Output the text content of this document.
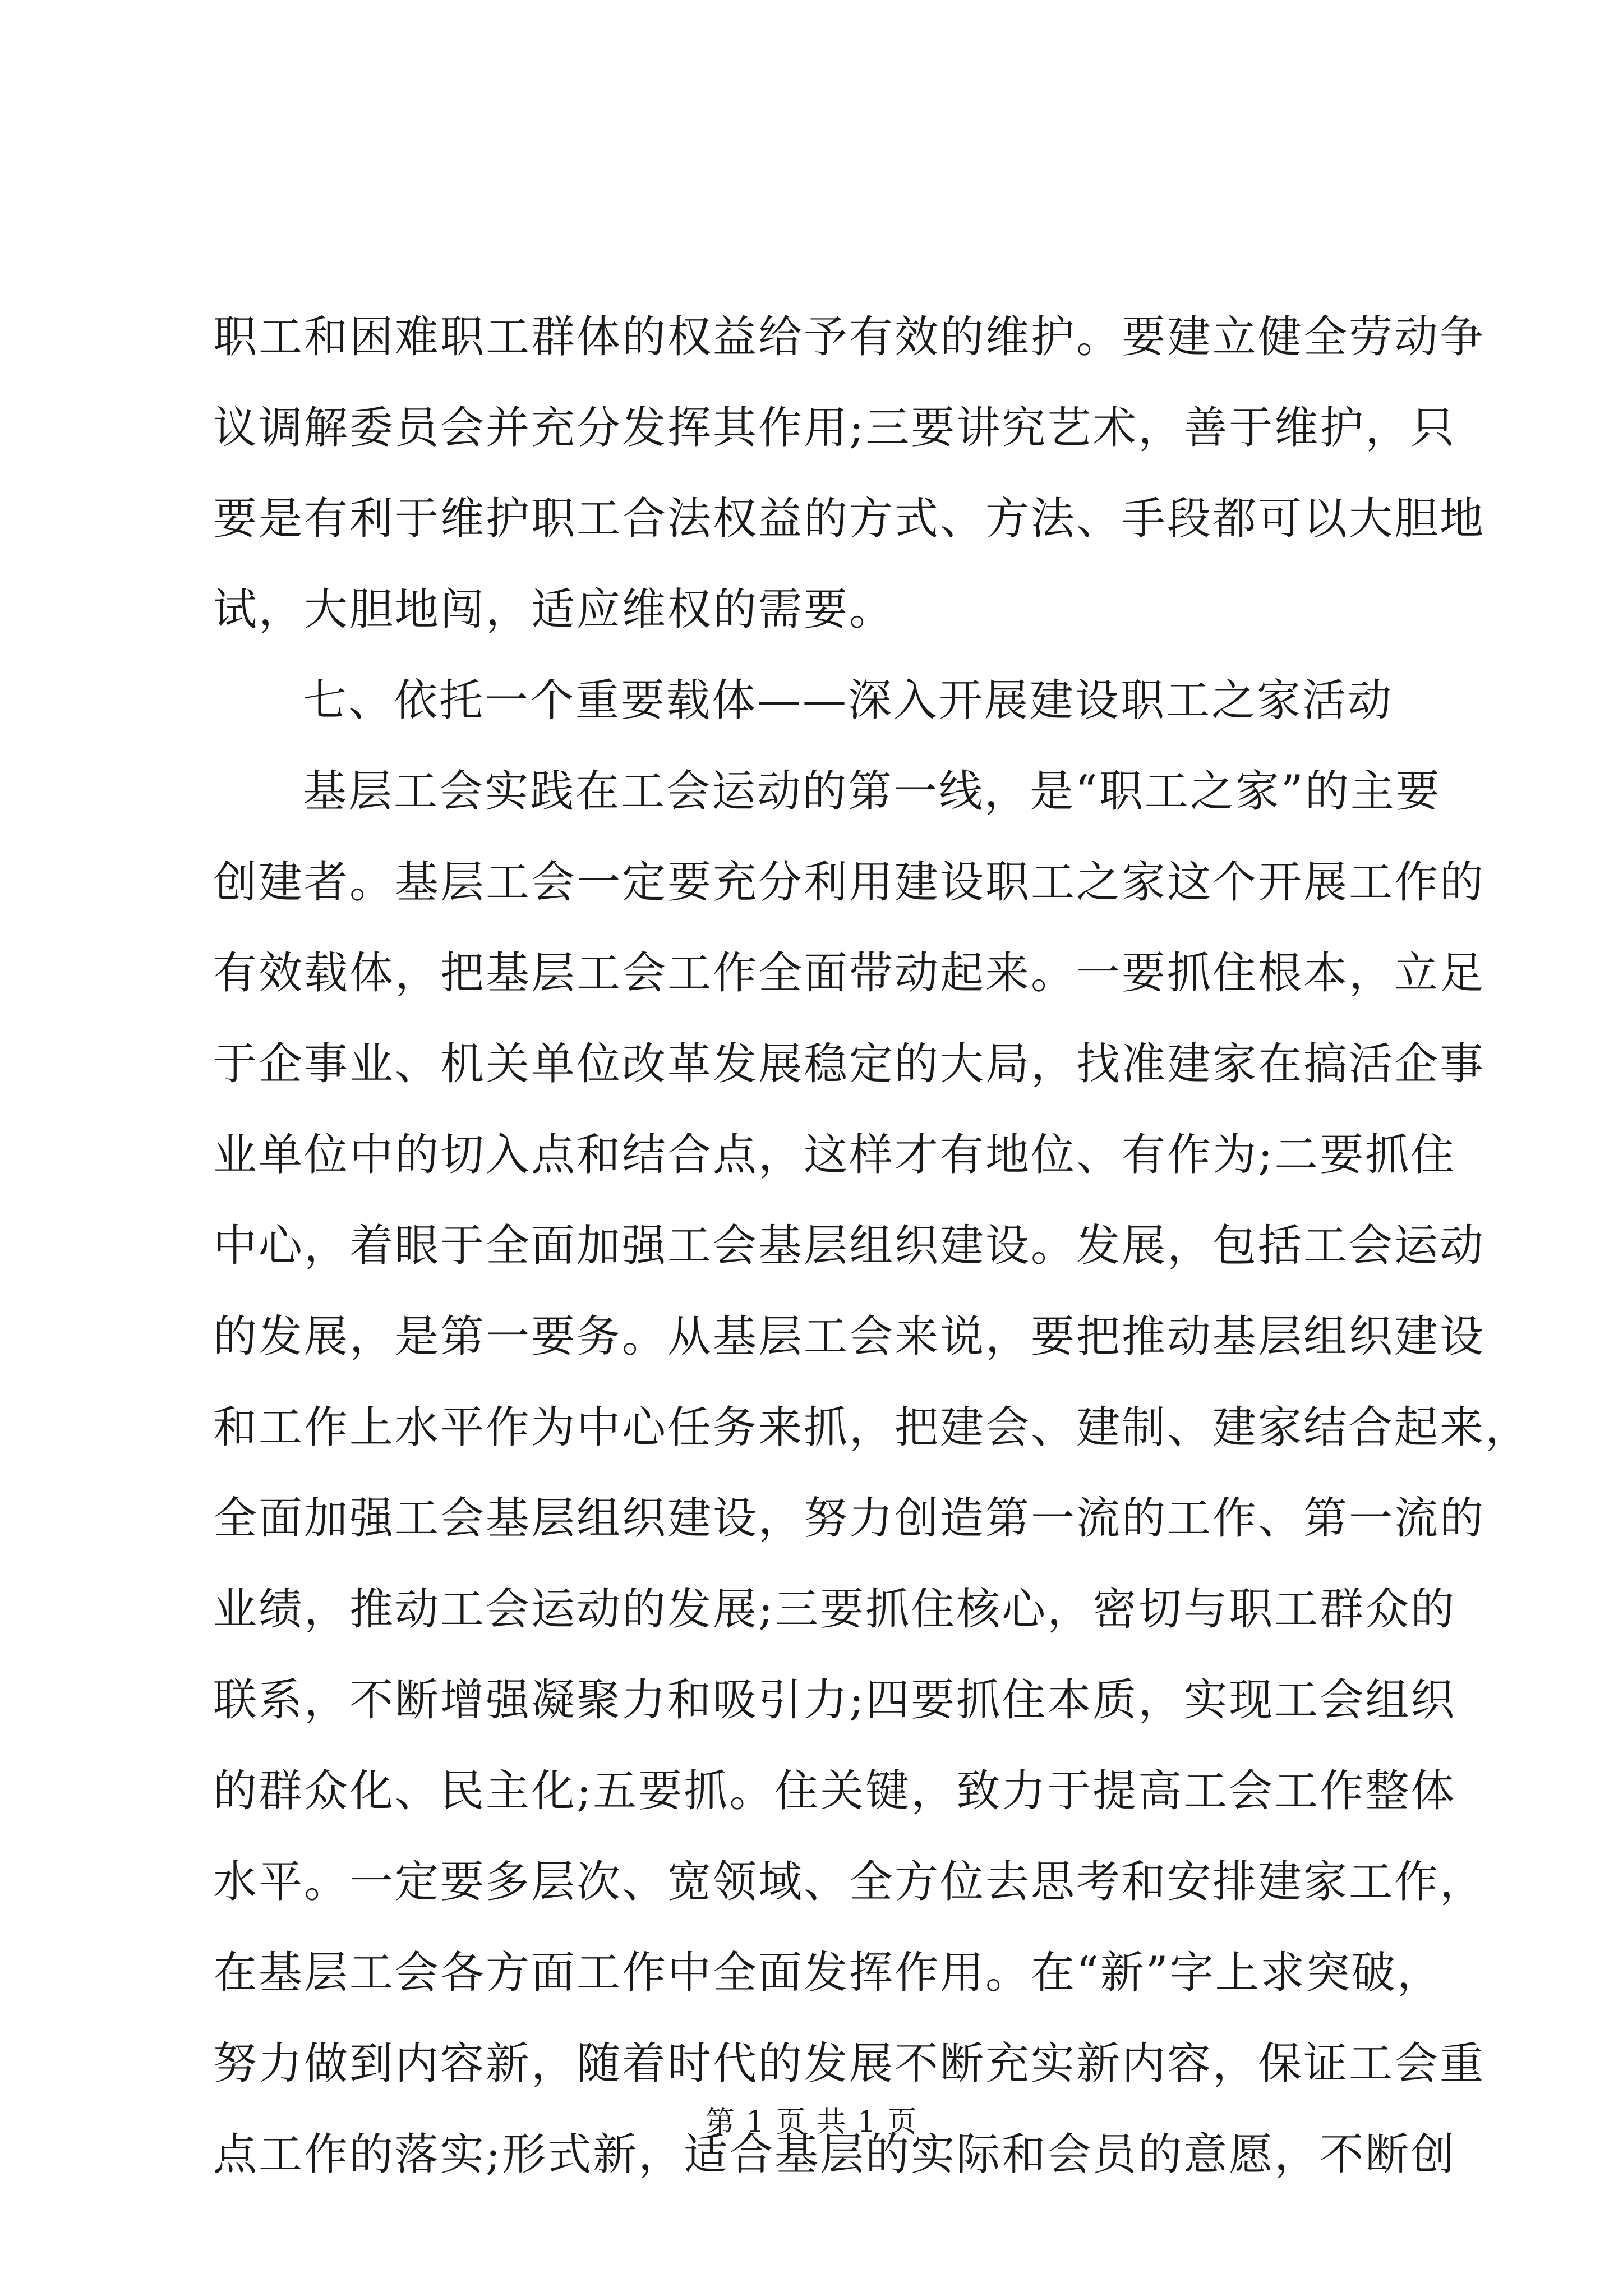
职工和困难职工群体的权益给予有效的维护。要建立健全劳动争
议调解委员会并充分发挥其作用;三要讲究艺术，善于维护，只
要是有利于维护职工合法权益的方式、方法、手段都可以大胆地
试，大胆地闯，适应维权的需要。
七、依托一个重要载体——深入开展建设职工之家活动
基层工会实践在工会运动的第一线，是“职工之家”的主要
创建者。基层工会一定要充分利用建设职工之家这个开展工作的
有效载体，把基层工会工作全面带动起来。一要抓住根本，立足
于企事业、机关单位改革发展稳定的大局，找准建家在搞活企事
业单位中的切入点和结合点，这样才有地位、有作为;二要抓住
中心，着眼于全面加强工会基层组织建设。发展，包括工会运动
的发展，是第一要务。从基层工会来说，要把推动基层组织建设
和工作上水平作为中心任务来抓，把建会、建制、建家结合起来，
全面加强工会基层组织建设，努力创造第一流的工作、第一流的
业绩，推动工会运动的发展;三要抓住核心，密切与职工群众的
联系，不断增强凝聚力和吸引力;四要抓住本质，实现工会组织
的群众化、民主化;五要抓。住关键，致力于提高工会工作整体
水平。一定要多层次、宽领域、全方位去思考和安排建家工作，
在基层工会各方面工作中全面发挥作用。在“新”字上求突破，
努力做到内容新，随着时代的发展不断充实新内容，保证工会重
点工作的落实;形式新，适合基层的实际和会员的意愿，不断创
第 1 页 共 1 页
